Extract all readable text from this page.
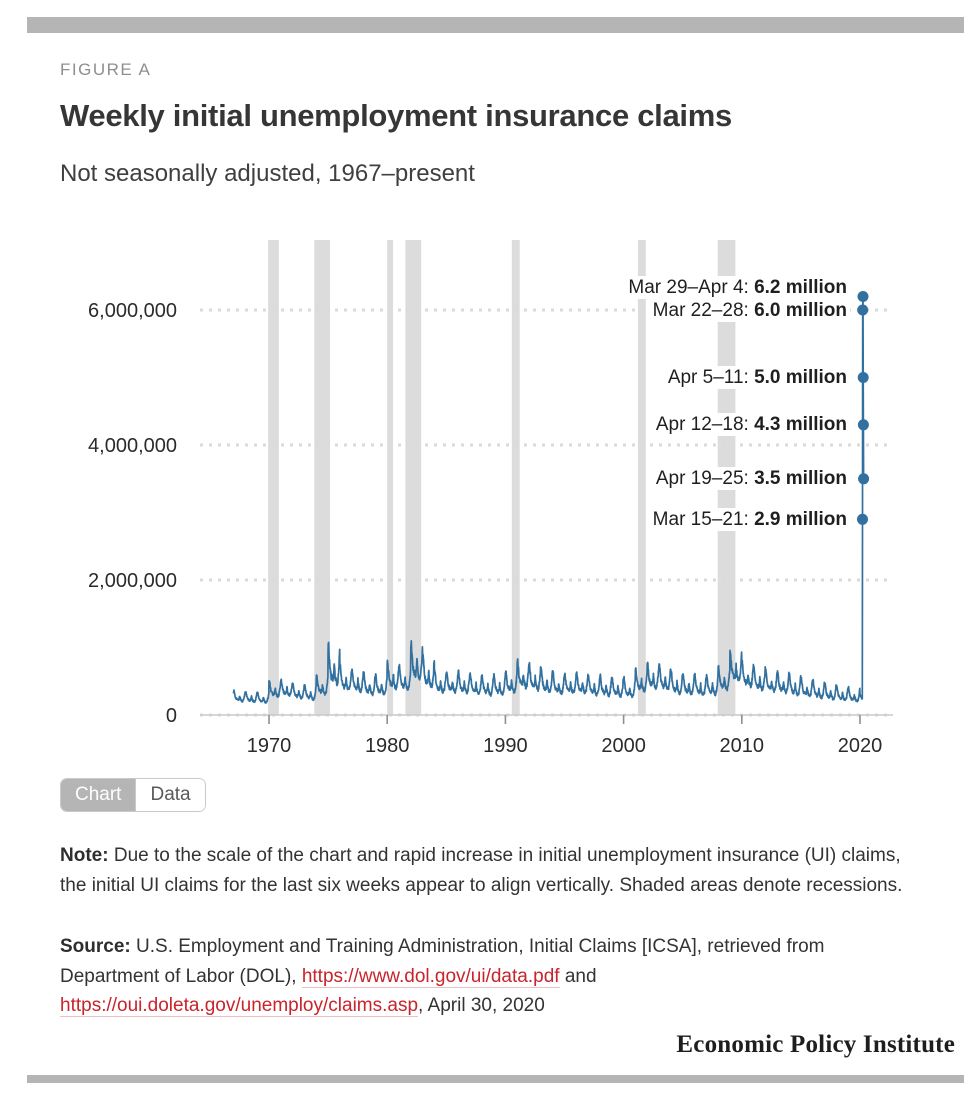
FIGURE A
Weekly initial unemployment insurance claims
Not seasonally adjusted, 1967–present
1970	1980	1990	2000	2010	2020
0
2,000,000
4,000,000
6,000,000
Mar 29–Apr 4: 6.2 million
Mar 22–28: 6.0 million
Apr 5–11: 5.0 million
Apr 12–18: 4.3 million
Apr 19–25: 3.5 million
Mar 15–21: 2.9 million
Chart	Data
Note: Due to the scale of the chart and rapid increase in initial unemployment insurance (UI) claims, the initial UI claims for the last six weeks appear to align vertically. Shaded areas denote recessions.
Source: U.S. Employment and Training Administration, Initial Claims [ICSA], retrieved from Department of Labor (DOL), https://www.dol.gov/ui/data.pdf and https://oui.doleta.gov/unemploy/claims.asp, April 30, 2020
Economic Policy Institute
